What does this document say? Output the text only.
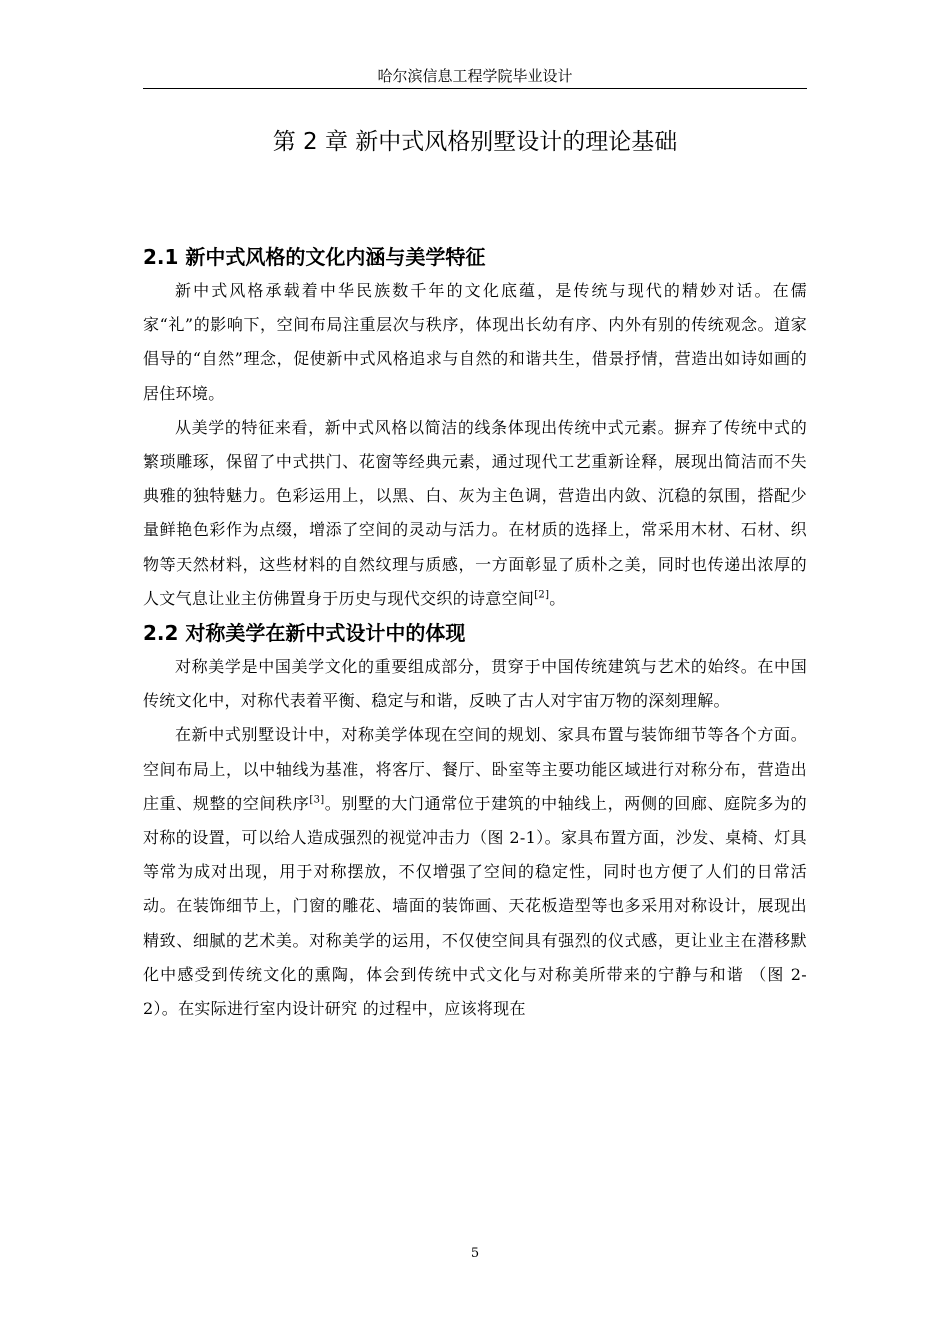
哈尔滨信息工程学院毕业设计
第 2 章 新中式风格别墅设计的理论基础
2.1 新中式风格的文化内涵与美学特征

新中式风格承载着中华民族数千年的文化底蕴，是传统与现代的精妙对话。在儒家“礼”的影响下，空间布局注重层次与秩序，体现出长幼有序、内外有别的传统观念。道家倡导的“自然”理念，促使新中式风格追求与自然的和谐共生，借景抒情，营造出如诗如画的居住环境。

从美学的特征来看，新中式风格以简洁的线条体现出传统中式元素。摒弃了传统中式的繁琐雕琢，保留了中式拱门、花窗等经典元素，通过现代工艺重新诠释，展现出简洁而不失典雅的独特魅力。色彩运用上，以黑、白、灰为主色调，营造出内敛、沉稳的氛围，搭配少量鲜艳色彩作为点缀，增添了空间的灵动与活力。在材质的选择上，常采用木材、石材、织物等天然材料，这些材料的自然纹理与质感，一方面彰显了质朴之美，同时也传递出浓厚的人文气息让业主仿佛置身于历史与现代交织的诗意空间[2]。

2.2 对称美学在新中式设计中的体现

对称美学是中国美学文化的重要组成部分，贯穿于中国传统建筑与艺术的始终。在中国传统文化中，对称代表着平衡、稳定与和谐，反映了古人对宇宙万物的深刻理解。

在新中式别墅设计中，对称美学体现在空间的规划、家具布置与装饰细节等各个方面。空间布局上，以中轴线为基准，将客厅、餐厅、卧室等主要功能区域进行对称分布，营造出庄重、规整的空间秩序[3]。别墅的大门通常位于建筑的中轴线上，两侧的回廊、庭院多为的对称的设置，可以给人造成强烈的视觉冲击力（图 2-1）。家具布置方面，沙发、桌椅、灯具等常为成对出现，用于对称摆放，不仅增强了空间的稳定性，同时也方便了人们的日常活动。在装饰细节上，门窗的雕花、墙面的装饰画、天花板造型等也多采用对称设计，展现出精致、细腻的艺术美。对称美学的运用，不仅使空间具有强烈的仪式感，更让业主在潜移默化中感受到传统文化的熏陶，体会到传统中式文化与对称美所带来的宁静与和谐 （图 2-2）。在实际进行室内设计研究 的过程中，应该将现在

5
